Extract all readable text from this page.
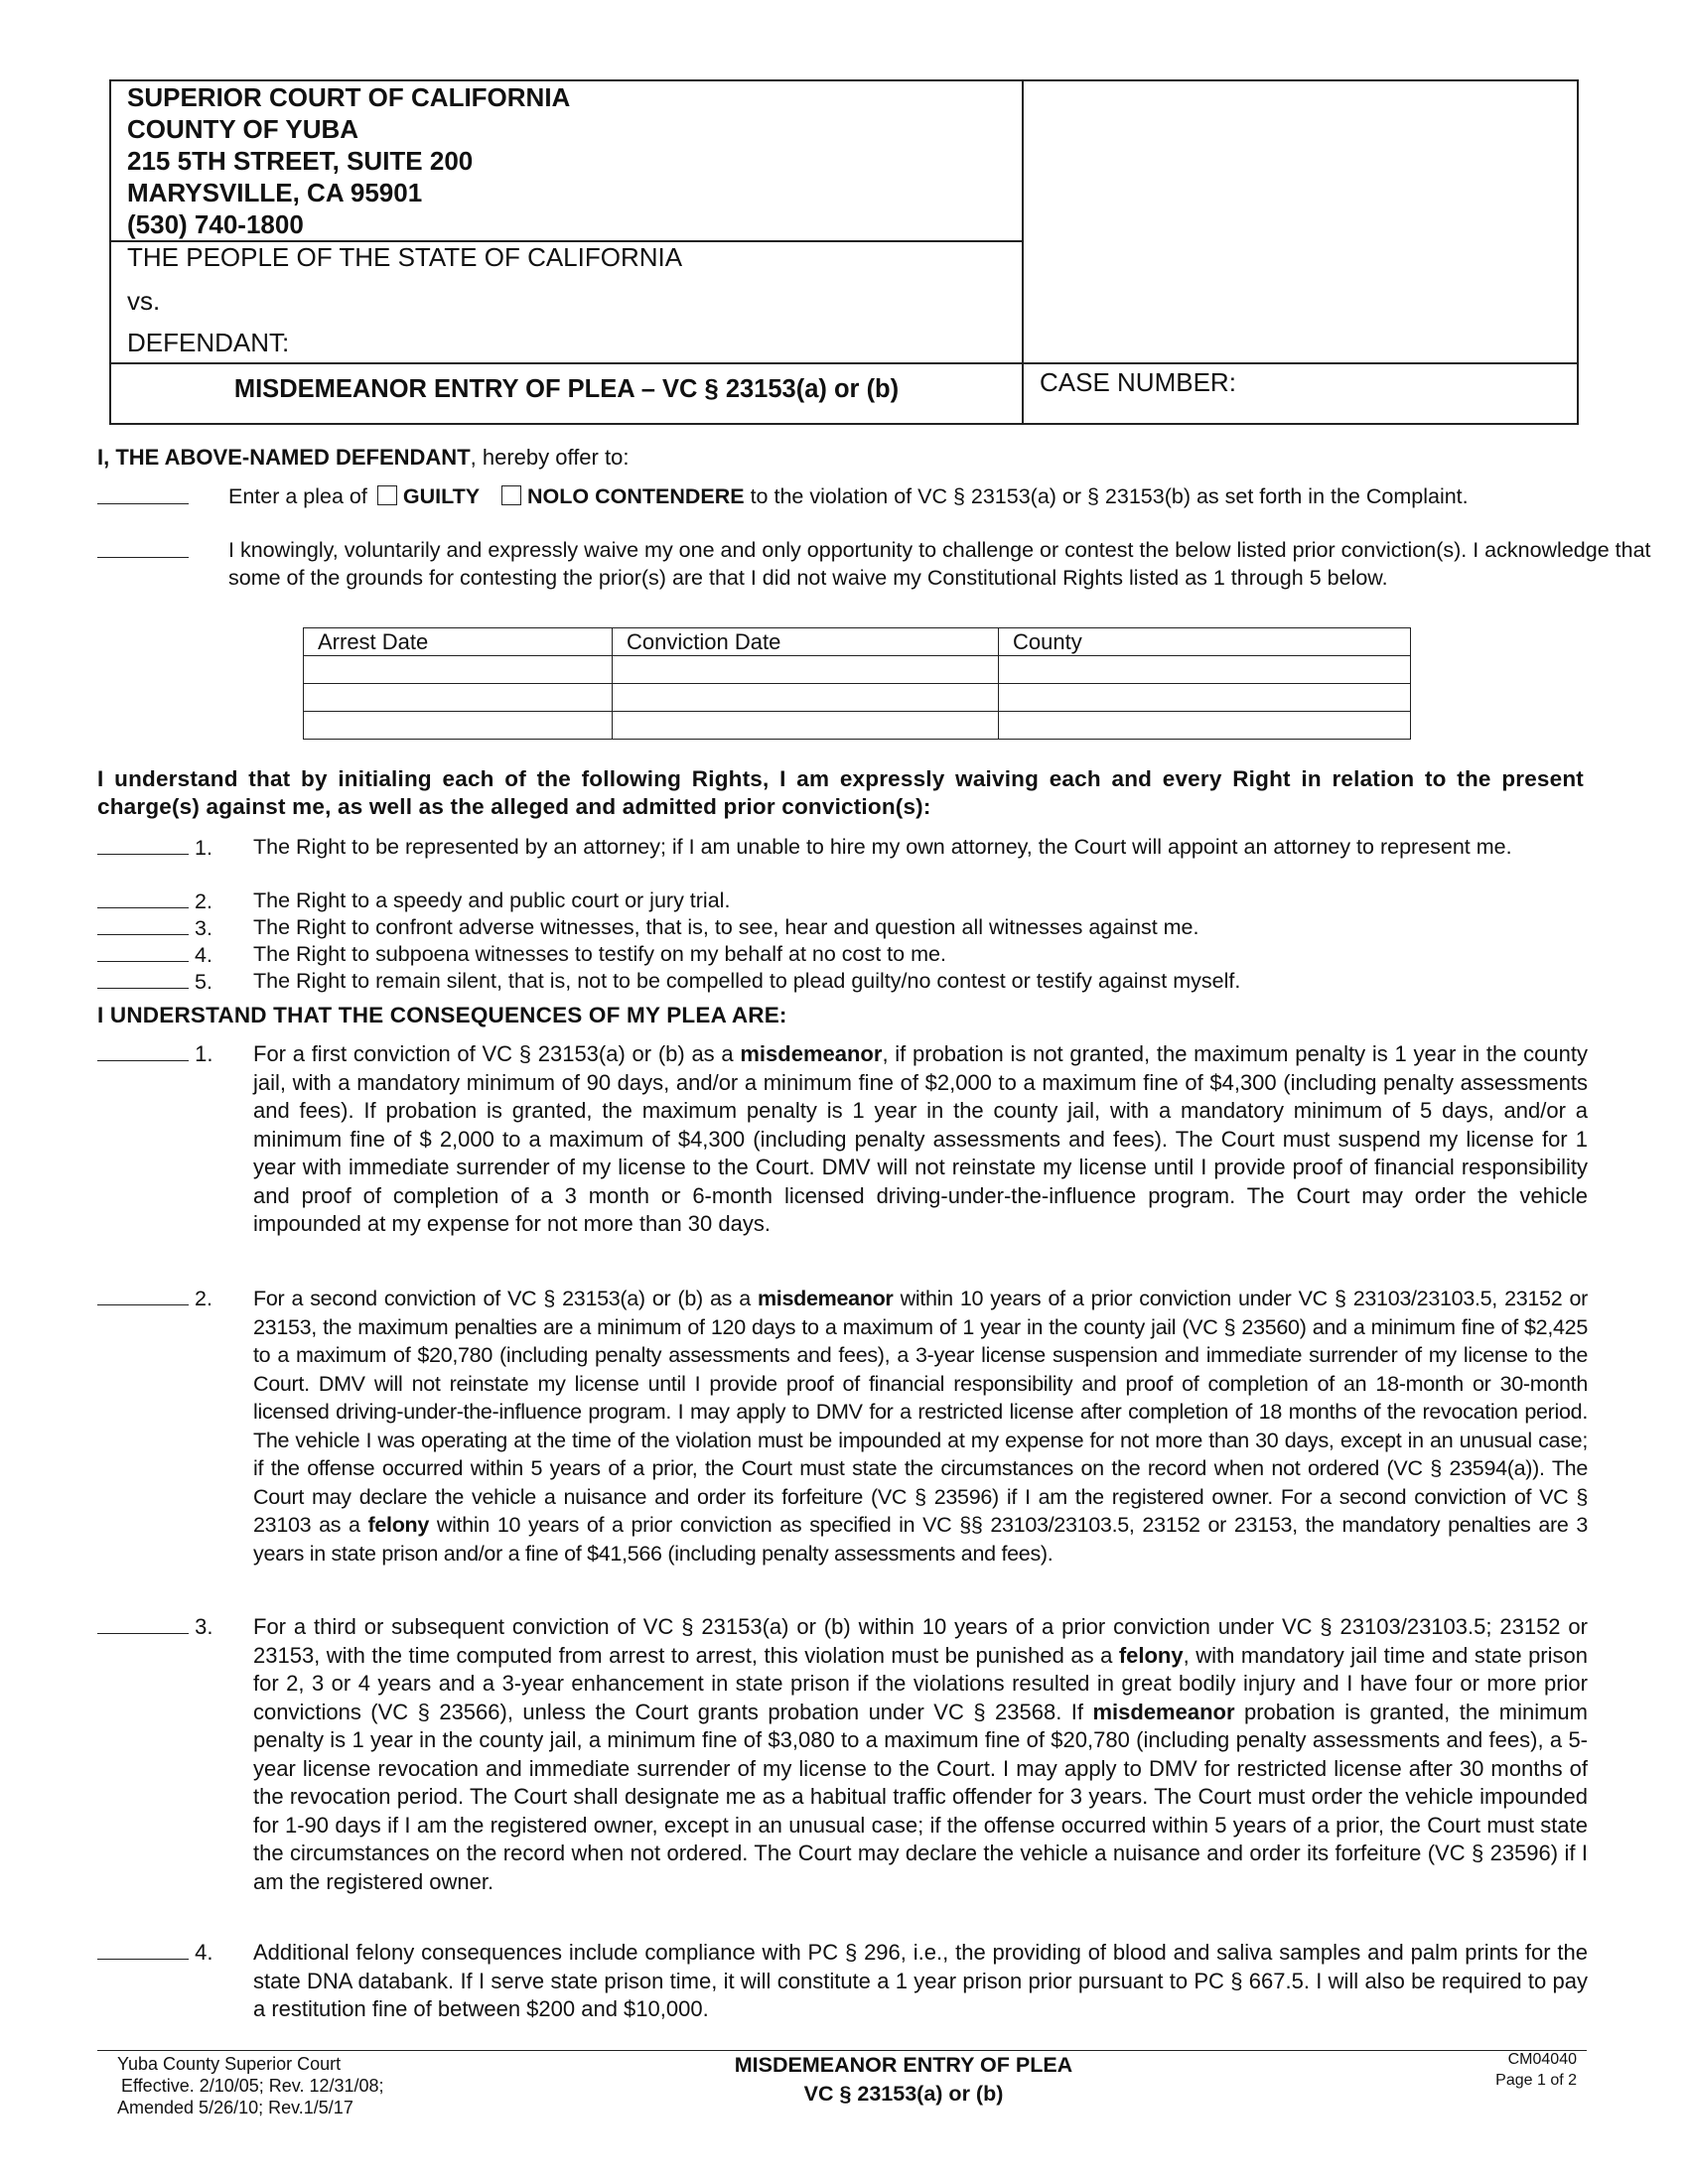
SUPERIOR COURT OF CALIFORNIA
COUNTY OF YUBA
215 5TH STREET, SUITE 200
MARYSVILLE, CA 95901
(530) 740-1800
THE PEOPLE OF THE STATE OF CALIFORNIA
vs.
DEFENDANT:
MISDEMEANOR ENTRY OF PLEA – VC § 23153(a) or (b)	CASE NUMBER:
I, THE ABOVE-NAMED DEFENDANT, hereby offer to:
Enter a plea of GUILTY NOLO CONTENDERE to the violation of VC § 23153(a) or § 23153(b) as set forth in the Complaint.
I knowingly, voluntarily and expressly waive my one and only opportunity to challenge or contest the below listed prior conviction(s). I acknowledge that some of the grounds for contesting the prior(s) are that I did not waive my Constitutional Rights listed as 1 through 5 below.
Arrest Date	Conviction Date	County

I understand that by initialing each of the following Rights, I am expressly waiving each and every Right in relation to the present charge(s) against me, as well as the alleged and admitted prior conviction(s):
1. The Right to be represented by an attorney; if I am unable to hire my own attorney, the Court will appoint an attorney to represent me.
2. The Right to a speedy and public court or jury trial.
3. The Right to confront adverse witnesses, that is, to see, hear and question all witnesses against me.
4. The Right to subpoena witnesses to testify on my behalf at no cost to me.
5. The Right to remain silent, that is, not to be compelled to plead guilty/no contest or testify against myself.
I UNDERSTAND THAT THE CONSEQUENCES OF MY PLEA ARE:
1. For a first conviction of VC § 23153(a) or (b) as a misdemeanor, if probation is not granted, the maximum penalty is 1 year in the county jail, with a mandatory minimum of 90 days, and/or a minimum fine of $2,000 to a maximum fine of $4,300 (including penalty assessments and fees). If probation is granted, the maximum penalty is 1 year in the county jail, with a mandatory minimum of 5 days, and/or a minimum fine of $ 2,000 to a maximum of $4,300 (including penalty assessments and fees). The Court must suspend my license for 1 year with immediate surrender of my license to the Court. DMV will not reinstate my license until I provide proof of financial responsibility and proof of completion of a 3 month or 6-month licensed driving-under-the-influence program. The Court may order the vehicle impounded at my expense for not more than 30 days.
2. For a second conviction of VC § 23153(a) or (b) as a misdemeanor within 10 years of a prior conviction under VC § 23103/23103.5, 23152 or 23153, the maximum penalties are a minimum of 120 days to a maximum of 1 year in the county jail (VC § 23560) and a minimum fine of $2,425 to a maximum of $20,780 (including penalty assessments and fees), a 3-year license suspension and immediate surrender of my license to the Court. DMV will not reinstate my license until I provide proof of financial responsibility and proof of completion of an 18-month or 30-month licensed driving-under-the-influence program. I may apply to DMV for a restricted license after completion of 18 months of the revocation period. The vehicle I was operating at the time of the violation must be impounded at my expense for not more than 30 days, except in an unusual case; if the offense occurred within 5 years of a prior, the Court must state the circumstances on the record when not ordered (VC § 23594(a)). The Court may declare the vehicle a nuisance and order its forfeiture (VC § 23596) if I am the registered owner. For a second conviction of VC § 23103 as a felony within 10 years of a prior conviction as specified in VC §§ 23103/23103.5, 23152 or 23153, the mandatory penalties are 3 years in state prison and/or a fine of $41,566 (including penalty assessments and fees).
3. For a third or subsequent conviction of VC § 23153(a) or (b) within 10 years of a prior conviction under VC § 23103/23103.5; 23152 or 23153, with the time computed from arrest to arrest, this violation must be punished as a felony, with mandatory jail time and state prison for 2, 3 or 4 years and a 3-year enhancement in state prison if the violations resulted in great bodily injury and I have four or more prior convictions (VC § 23566), unless the Court grants probation under VC § 23568. If misdemeanor probation is granted, the minimum penalty is 1 year in the county jail, a minimum fine of $3,080 to a maximum fine of $20,780 (including penalty assessments and fees), a 5-year license revocation and immediate surrender of my license to the Court. I may apply to DMV for restricted license after 30 months of the revocation period. The Court shall designate me as a habitual traffic offender for 3 years. The Court must order the vehicle impounded for 1-90 days if I am the registered owner, except in an unusual case; if the offense occurred within 5 years of a prior, the Court must state the circumstances on the record when not ordered. The Court may declare the vehicle a nuisance and order its forfeiture (VC § 23596) if I am the registered owner.
4. Additional felony consequences include compliance with PC § 296, i.e., the providing of blood and saliva samples and palm prints for the state DNA databank. If I serve state prison time, it will constitute a 1 year prison prior pursuant to PC § 667.5. I will also be required to pay a restitution fine of between $200 and $10,000.
Yuba County Superior Court
Effective. 2/10/05; Rev. 12/31/08;
Amended 5/26/10; Rev.1/5/17
MISDEMEANOR ENTRY OF PLEA
VC § 23153(a) or (b)
CM04040
Page 1 of 2
